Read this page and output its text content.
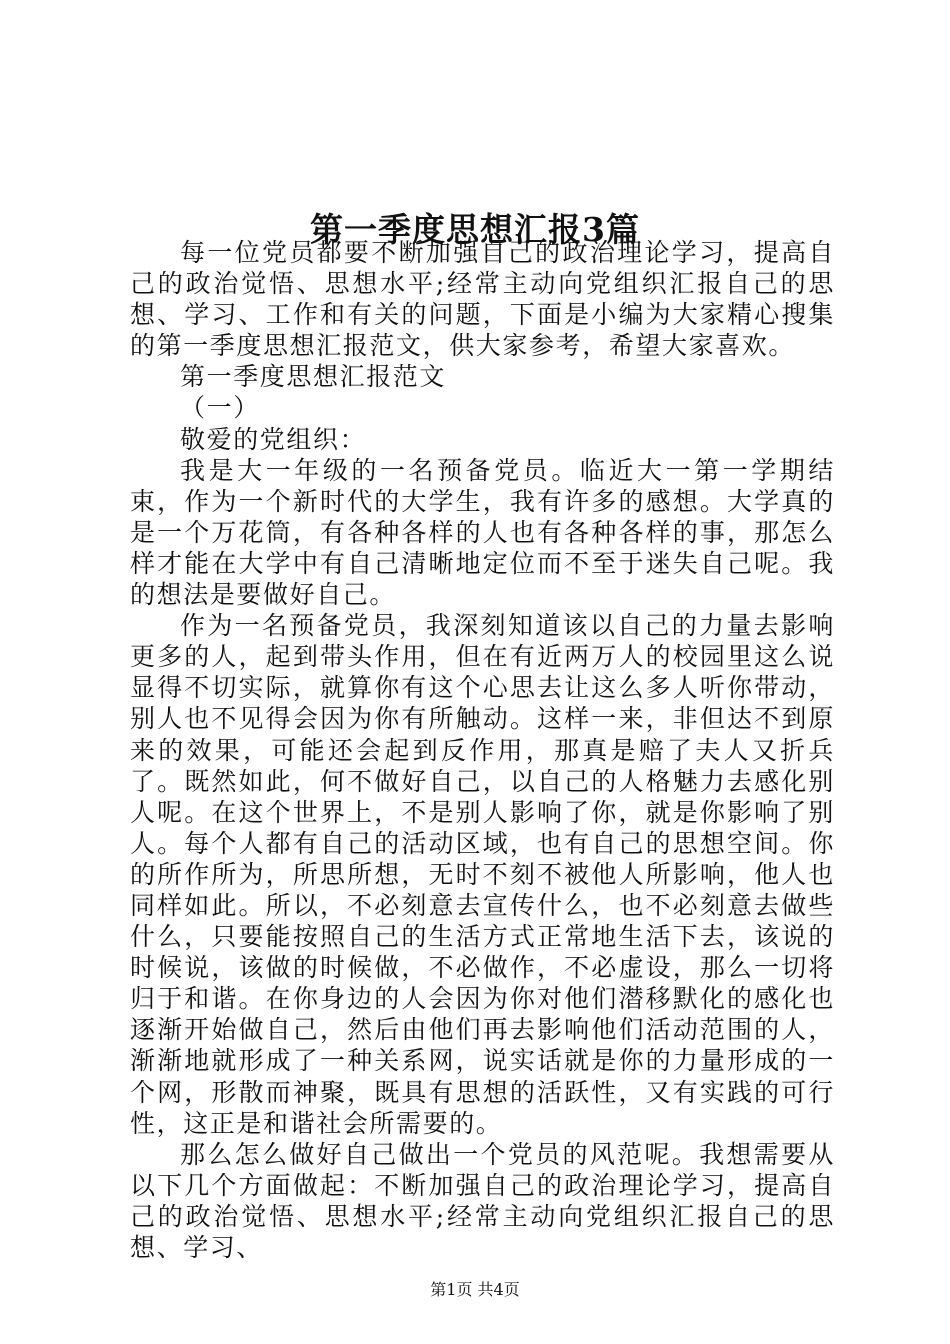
第一季度思想汇报3篇

每一位党员都要不断加强自己的政治理论学习，提高自己的政治觉悟、思想水平;经常主动向党组织汇报自己的思想、学习、工作和有关的问题，下面是小编为大家精心搜集的第一季度思想汇报范文，供大家参考，希望大家喜欢。

第一季度思想汇报范文

（一）

敬爱的党组织：

我是大一年级的一名预备党员。临近大一第一学期结束，作为一个新时代的大学生，我有许多的感想。大学真的是一个万花筒，有各种各样的人也有各种各样的事，那怎么样才能在大学中有自己清晰地定位而不至于迷失自己呢。我的想法是要做好自己。

作为一名预备党员，我深刻知道该以自己的力量去影响更多的人，起到带头作用，但在有近两万人的校园里这么说显得不切实际，就算你有这个心思去让这么多人听你带动，别人也不见得会因为你有所触动。这样一来，非但达不到原来的效果，可能还会起到反作用，那真是赔了夫人又折兵了。既然如此，何不做好自己，以自己的人格魅力去感化别人呢。在这个世界上，不是别人影响了你，就是你影响了别人。每个人都有自己的活动区域，也有自己的思想空间。你的所作所为，所思所想，无时不刻不被他人所影响，他人也同样如此。所以，不必刻意去宣传什么，也不必刻意去做些什么，只要能按照自己的生活方式正常地生活下去，该说的时候说，该做的时候做，不必做作，不必虚设，那么一切将归于和谐。在你身边的人会因为你对他们潜移默化的感化也逐渐开始做自己，然后由他们再去影响他们活动范围的人，渐渐地就形成了一种关系网，说实话就是你的力量形成的一个网，形散而神聚，既具有思想的活跃性，又有实践的可行性，这正是和谐社会所需要的。

那么怎么做好自己做出一个党员的风范呢。我想需要从以下几个方面做起：不断加强自己的政治理论学习，提高自己的政治觉悟、思想水平;经常主动向党组织汇报自己的思想、学习、

第1页 共4页
